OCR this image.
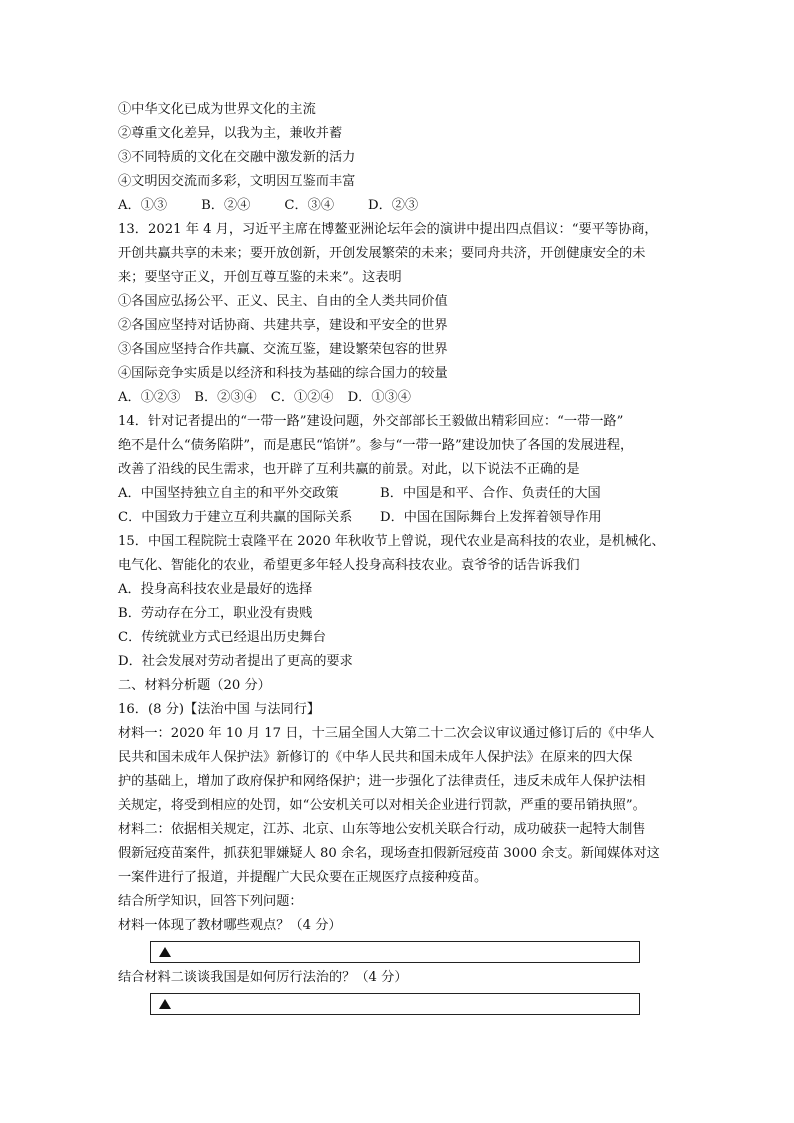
①中华文化已成为世界文化的主流

②尊重文化差异，以我为主，兼收并蓄

③不同特质的文化在交融中激发新的活力

④文明因交流而多彩，文明因互鉴而丰富

A．①③	B．②④	C．③④	D．②③

13．2021 年 4 月，习近平主席在博鳌亚洲论坛年会的演讲中提出四点倡议：“要平等协商，

开创共赢共享的未来；要开放创新，开创发展繁荣的未来；要同舟共济，开创健康安全的未

来；要坚守正义，开创互尊互鉴的未来”。这表明

①各国应弘扬公平、正义、民主、自由的全人类共同价值

②各国应坚持对话协商、共建共享，建设和平安全的世界

③各国应坚持合作共赢、交流互鉴，建设繁荣包容的世界

④国际竞争实质是以经济和科技为基础的综合国力的较量

A．①②③ B．②③④ C．①②④ D．①③④

14．针对记者提出的“一带一路”建设问题，外交部部长王毅做出精彩回应：“一带一路”

绝不是什么“债务陷阱”，而是惠民“馅饼”。参与“一带一路”建设加快了各国的发展进程，

改善了沿线的民生需求，也开辟了互利共赢的前景。对此，以下说法不正确的是

A．中国坚持独立自主的和平外交政策	B．中国是和平、合作、负责任的大国
C．中国致力于建立互利共赢的国际关系	D．中国在国际舞台上发挥着领导作用

15．中国工程院院士袁隆平在 2020 年秋收节上曾说，现代农业是高科技的农业，是机械化、

电气化、智能化的农业，希望更多年轻人投身高科技农业。袁爷爷的话告诉我们

A．投身高科技农业是最好的选择

B．劳动存在分工，职业没有贵贱

C．传统就业方式已经退出历史舞台

D．社会发展对劳动者提出了更高的要求

二、材料分析题（20 分）

16．(8 分)【法治中国 与法同行】

材料一：2020 年 10 月 17 日，十三届全国人大第二十二次会议审议通过修订后的《中华人

民共和国未成年人保护法》新修订的《中华人民共和国未成年人保护法》在原来的四大保

护的基础上，增加了政府保护和网络保护；进一步强化了法律责任，违反未成年人保护法相

关规定，将受到相应的处罚，如“公安机关可以对相关企业进行罚款，严重的要吊销执照”。

材料二：依据相关规定，江苏、北京、山东等地公安机关联合行动，成功破获一起特大制售

假新冠疫苗案件，抓获犯罪嫌疑人 80 余名，现场查扣假新冠疫苗 3000 余支。新闻媒体对这

一案件进行了报道，并提醒广大民众要在正规医疗点接种疫苗。

结合所学知识，回答下列问题：

材料一体现了教材哪些观点？（4 分）

结合材料二谈谈我国是如何厉行法治的？（4 分）
